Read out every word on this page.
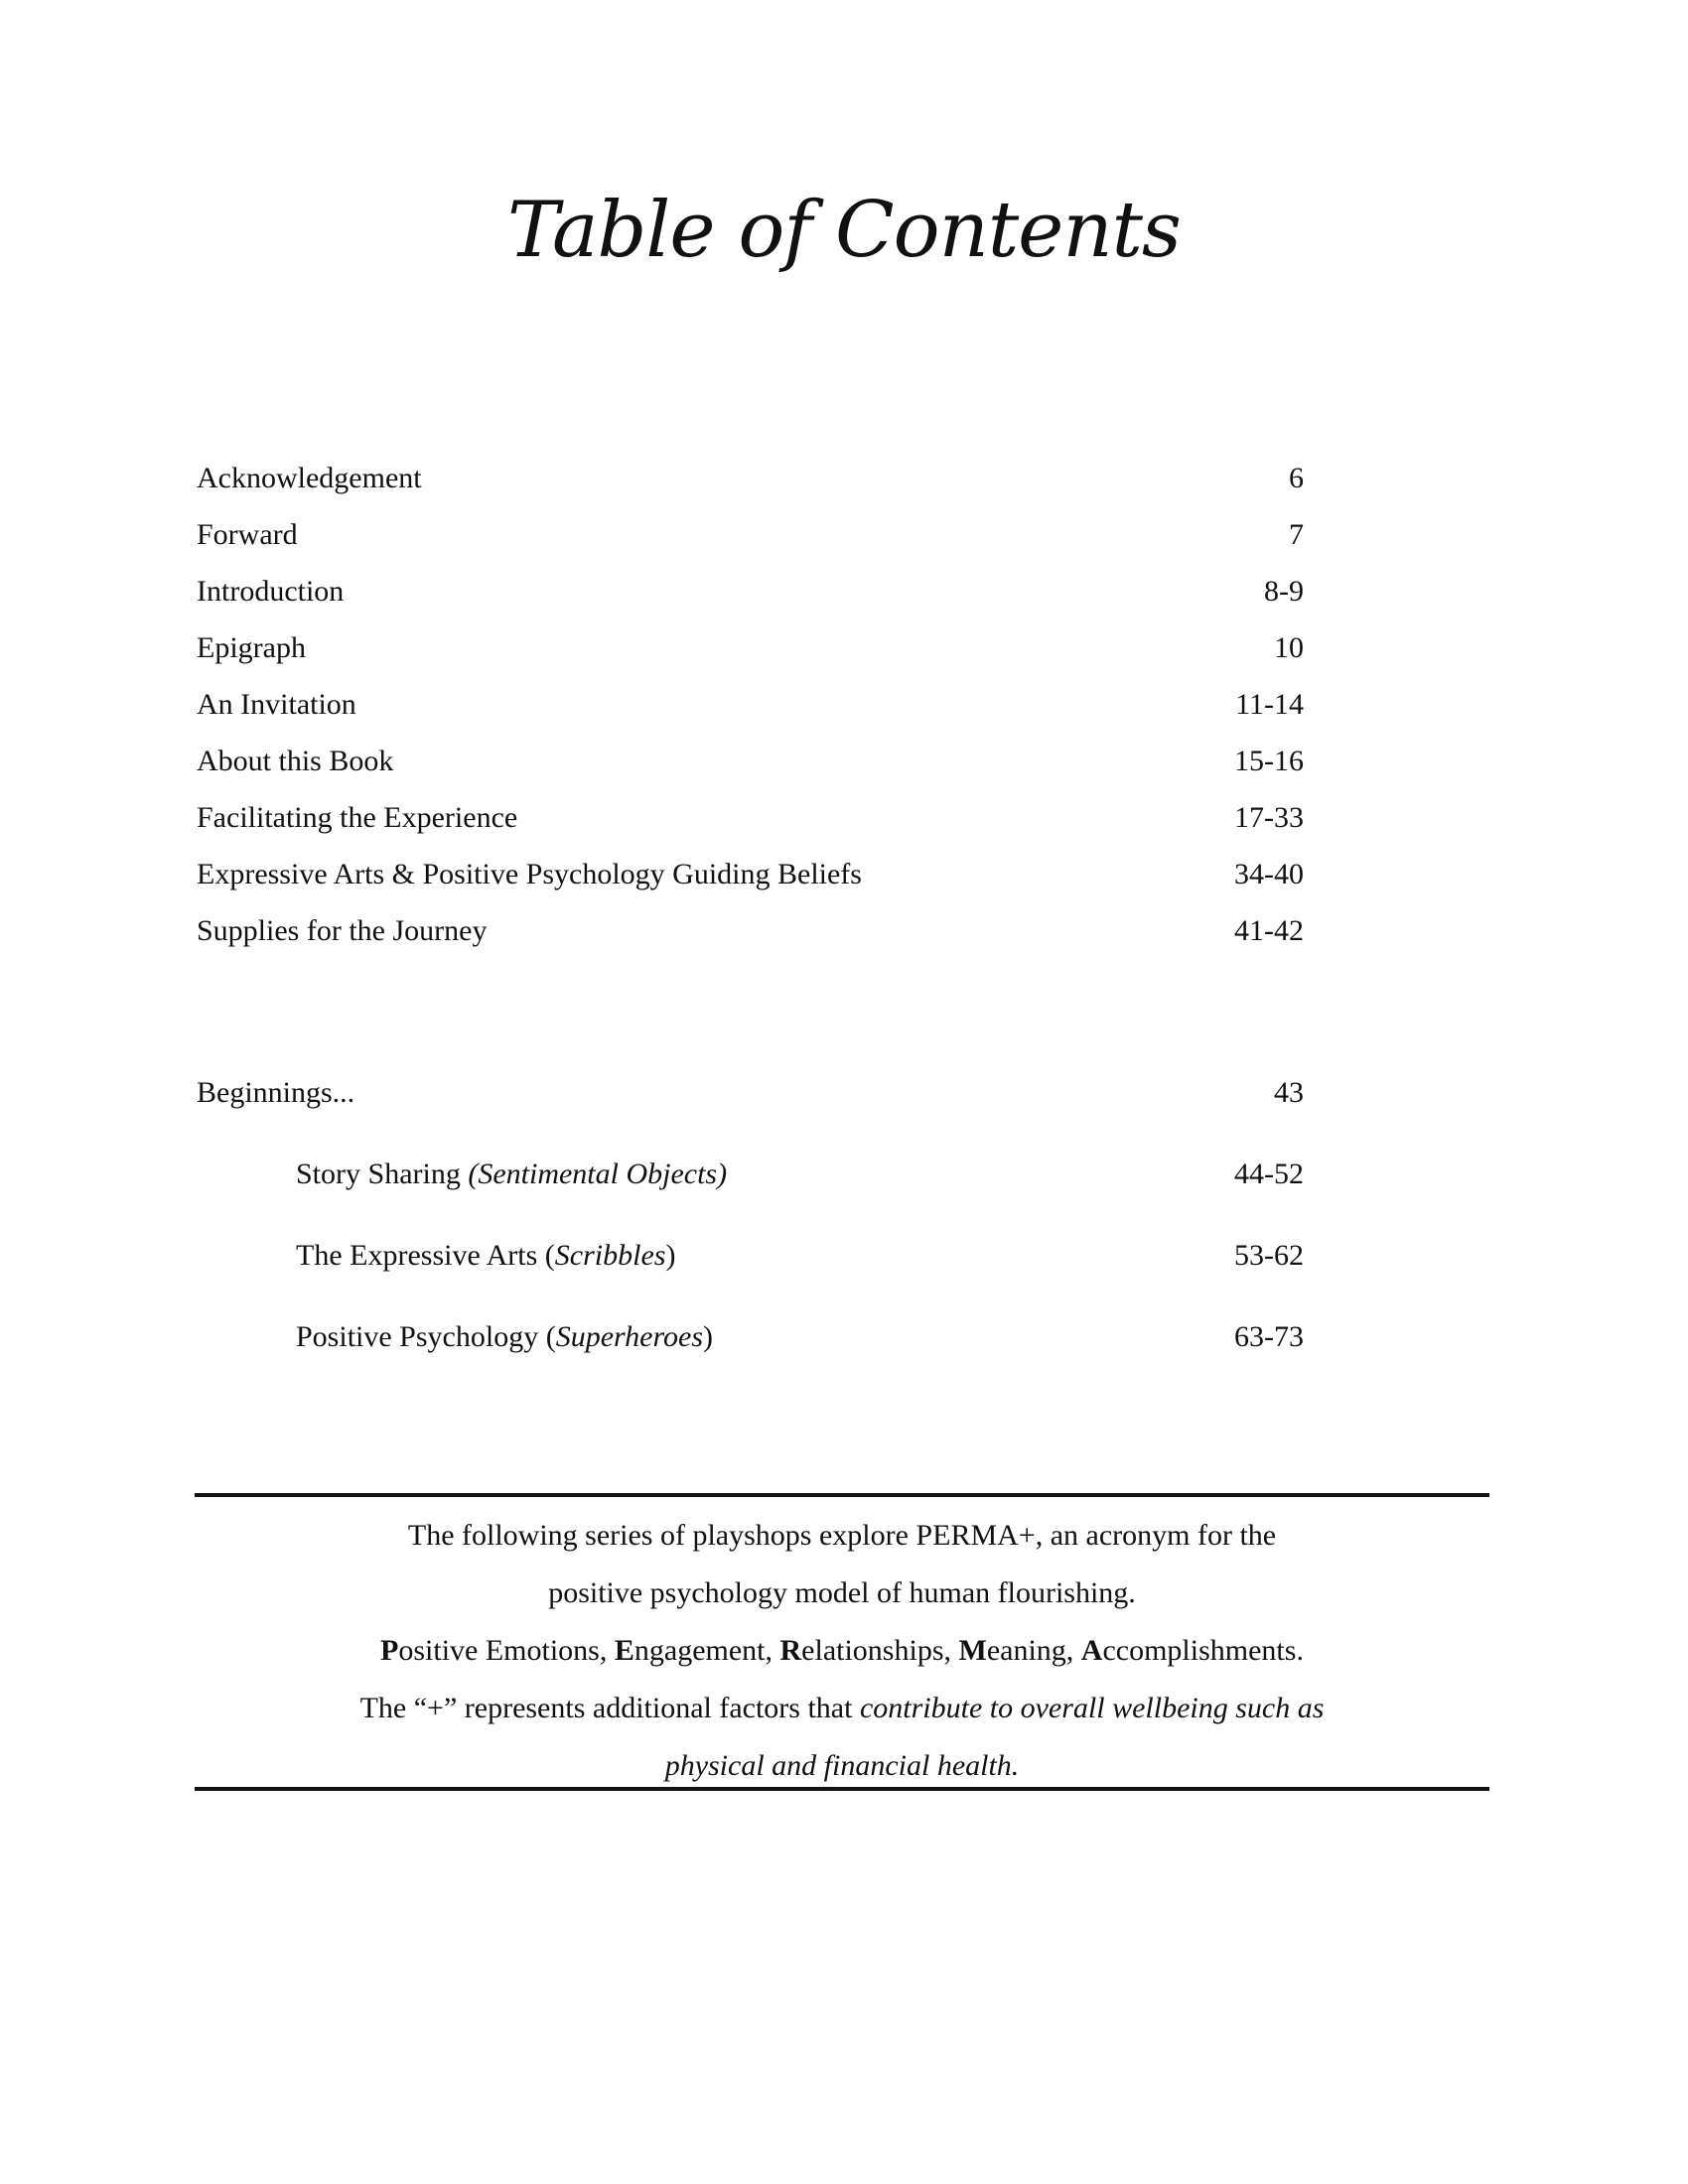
Table of Contents
Acknowledgement	6
Forward	7
Introduction	8-9
Epigraph	10
An Invitation	11-14
About this Book	15-16
Facilitating the Experience	17-33
Expressive Arts & Positive Psychology Guiding Beliefs	34-40
Supplies for the Journey	41-42
Beginnings...	43
Story Sharing (Sentimental Objects)	44-52
The Expressive Arts (Scribbles)	53-62
Positive Psychology (Superheroes)	63-73
The following series of playshops explore PERMA+, an acronym for the
positive psychology model of human flourishing.
Positive Emotions, Engagement, Relationships, Meaning, Accomplishments.
The “+” represents additional factors that contribute to overall wellbeing such as
physical and financial health.
